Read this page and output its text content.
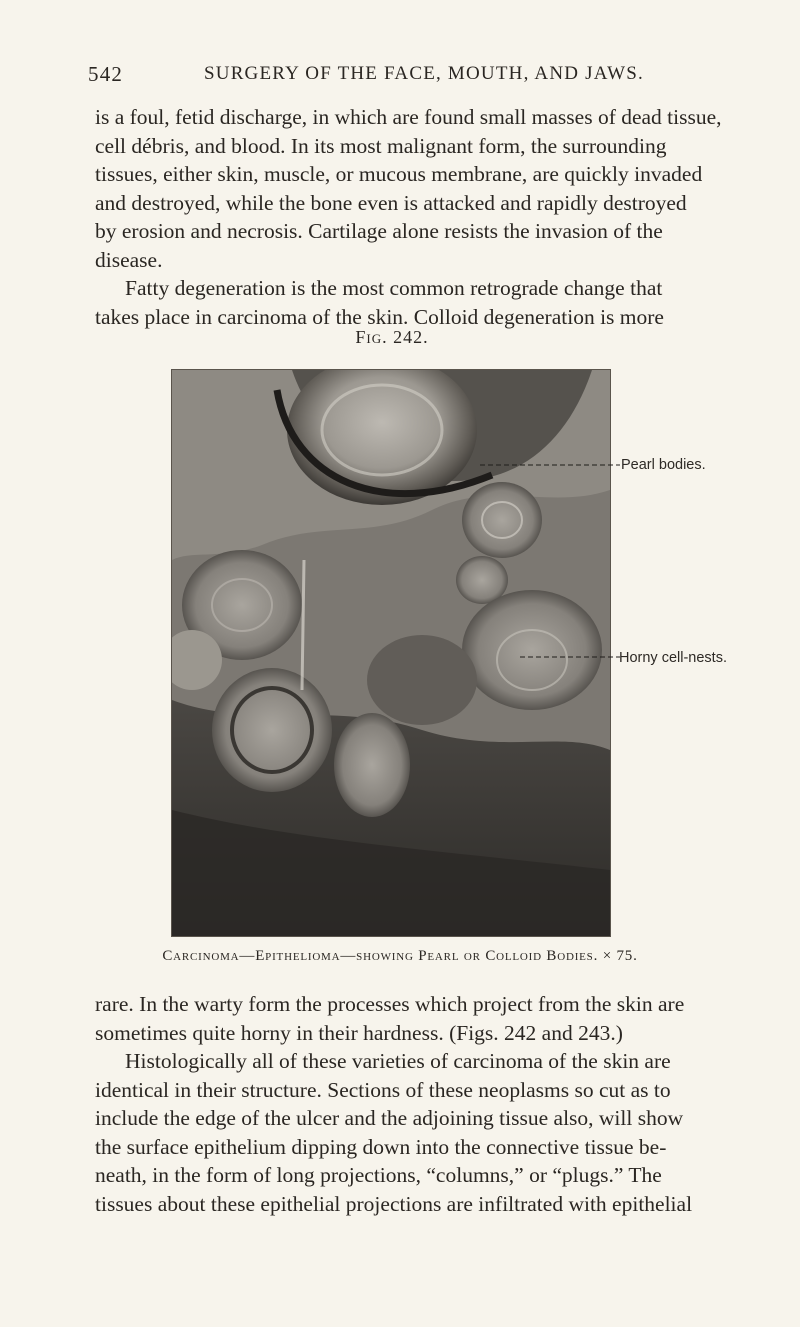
542	SURGERY OF THE FACE, MOUTH, AND JAWS.

is a foul, fetid discharge, in which are found small masses of dead tissue,
cell débris, and blood. In its most malignant form, the surrounding
tissues, either skin, muscle, or mucous membrane, are quickly invaded
and destroyed, while the bone even is attacked and rapidly destroyed
by erosion and necrosis. Cartilage alone resists the invasion of the
disease.

Fatty degeneration is the most common retrograde change that
takes place in carcinoma of the skin. Colloid degeneration is more

Fig. 242.
Pearl bodies.
Horny cell-nests.
Carcinoma—Epithelioma—showing Pearl or Colloid Bodies. × 75.

rare. In the warty form the processes which project from the skin are
sometimes quite horny in their hardness. (Figs. 242 and 243.)

Histologically all of these varieties of carcinoma of the skin are
identical in their structure. Sections of these neoplasms so cut as to
include the edge of the ulcer and the adjoining tissue also, will show
the surface epithelium dipping down into the connective tissue be-
neath, in the form of long projections, “columns,” or “plugs.” The
tissues about these epithelial projections are infiltrated with epithelial
